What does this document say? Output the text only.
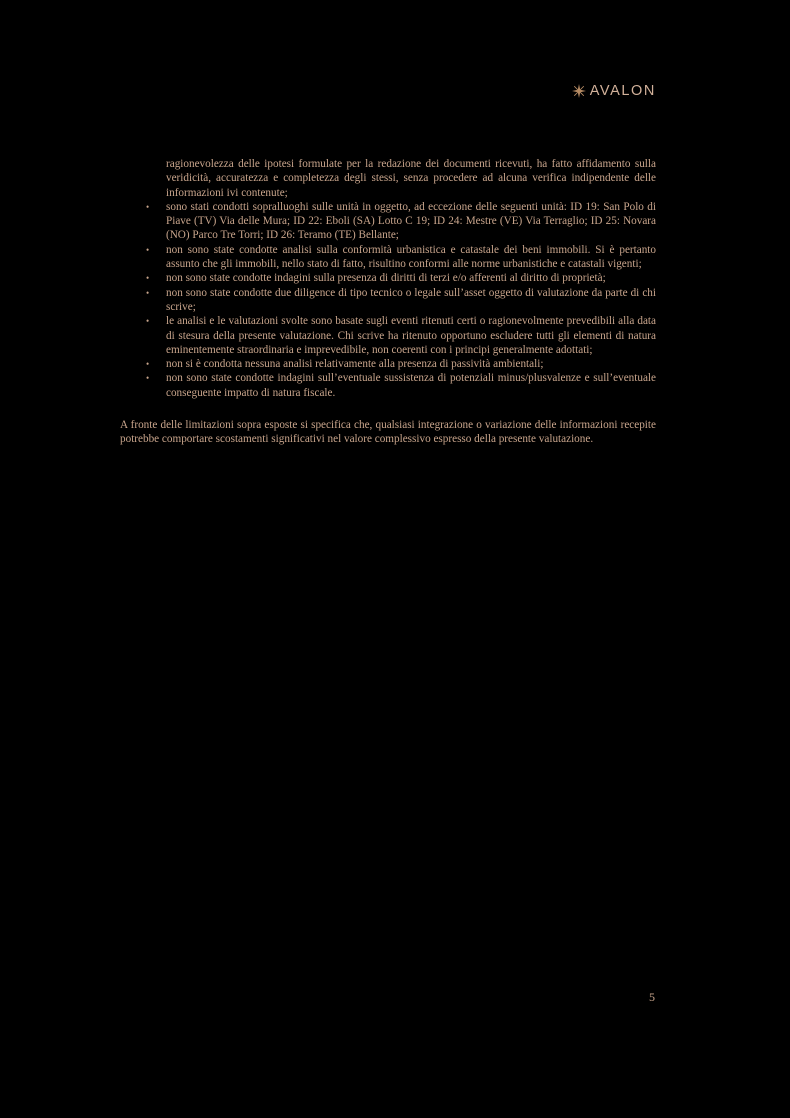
AVALON

ragionevolezza delle ipotesi formulate per la redazione dei documenti ricevuti, ha fatto affidamento sulla veridicità, accuratezza e completezza degli stessi, senza procedere ad alcuna verifica indipendente delle informazioni ivi contenute;

• sono stati condotti sopralluoghi sulle unità in oggetto, ad eccezione delle seguenti unità: ID 19: San Polo di Piave (TV) Via delle Mura; ID 22: Eboli (SA) Lotto C 19; ID 24: Mestre (VE) Via Terraglio; ID 25: Novara (NO) Parco Tre Torri; ID 26: Teramo (TE) Bellante;
• non sono state condotte analisi sulla conformità urbanistica e catastale dei beni immobili. Si è pertanto assunto che gli immobili, nello stato di fatto, risultino conformi alle norme urbanistiche e catastali vigenti;
• non sono state condotte indagini sulla presenza di diritti di terzi e/o afferenti al diritto di proprietà;
• non sono state condotte due diligence di tipo tecnico o legale sull’asset oggetto di valutazione da parte di chi scrive;
• le analisi e le valutazioni svolte sono basate sugli eventi ritenuti certi o ragionevolmente prevedibili alla data di stesura della presente valutazione. Chi scrive ha ritenuto opportuno escludere tutti gli elementi di natura eminentemente straordinaria e imprevedibile, non coerenti con i principi generalmente adottati;
• non si è condotta nessuna analisi relativamente alla presenza di passività ambientali;
• non sono state condotte indagini sull’eventuale sussistenza di potenziali minus/plusvalenze e sull’eventuale conseguente impatto di natura fiscale.

A fronte delle limitazioni sopra esposte si specifica che, qualsiasi integrazione o variazione delle informazioni recepite potrebbe comportare scostamenti significativi nel valore complessivo espresso della presente valutazione.

5
